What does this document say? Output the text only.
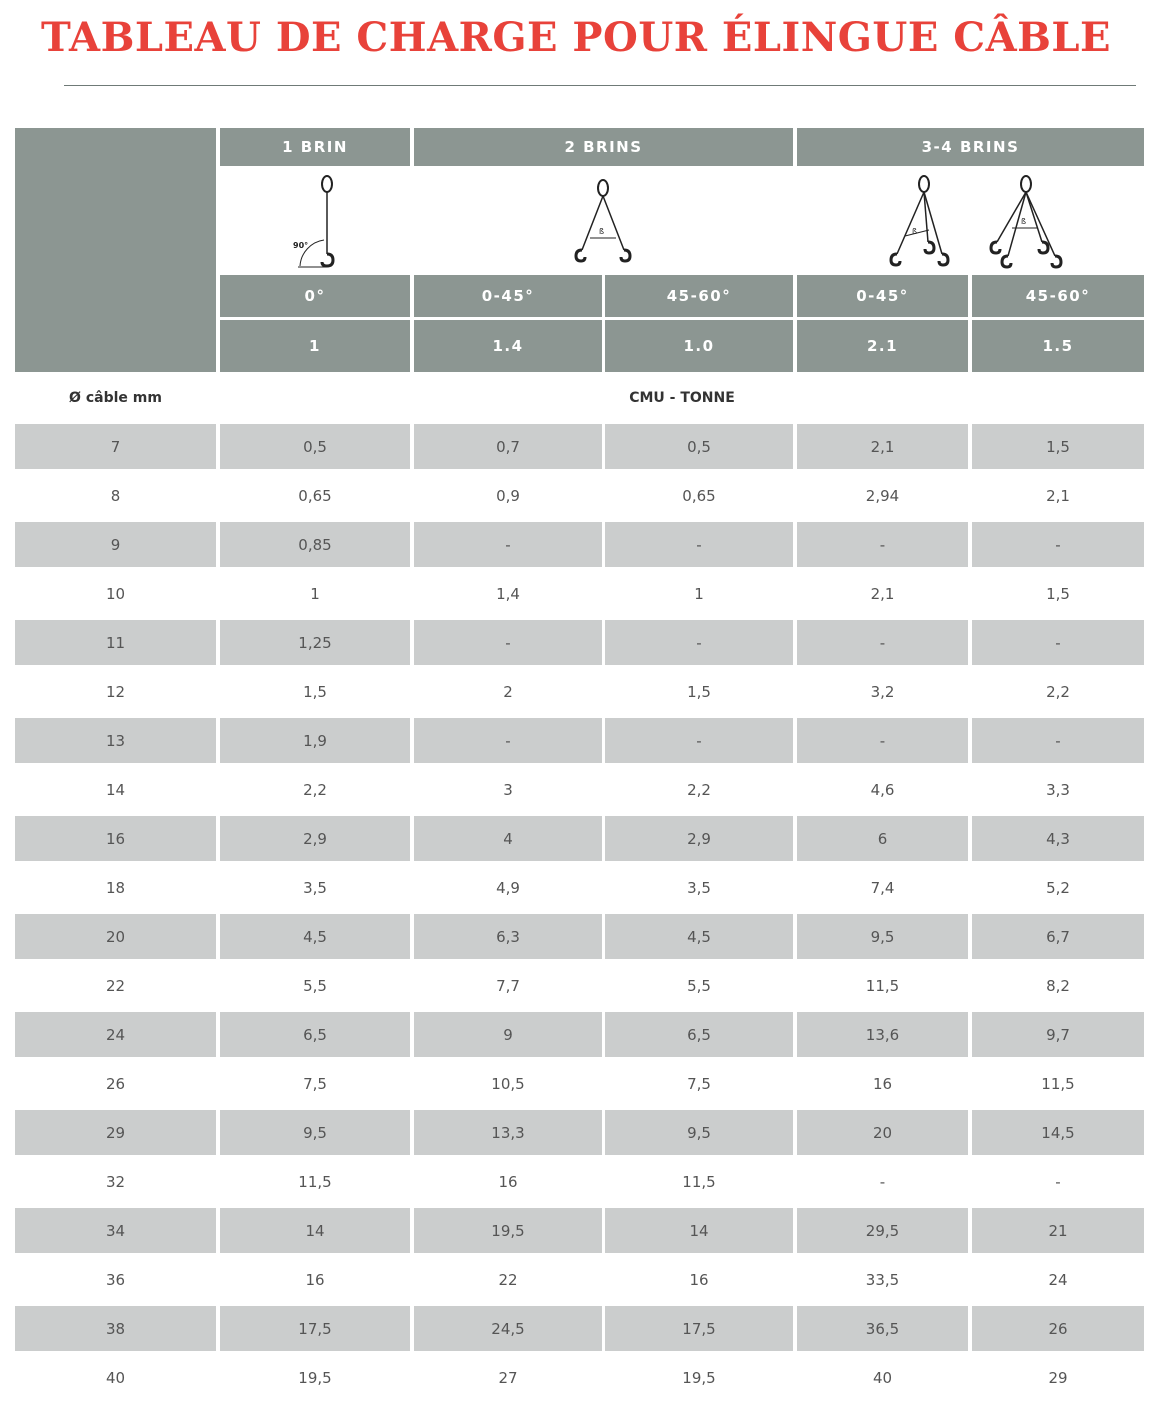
TABLEAU DE CHARGE POUR ÉLINGUE CÂBLE
1 BRIN	2 BRINS	3-4 BRINS
90°
ß	ß
ß
0°	0-45°	45-60°	0-45°	45-60°
1	1.4	1.0	2.1	1.5
Ø câble mm	CMU - TONNE
7	0,5	0,7	0,5	2,1	1,5
8	0,65	0,9	0,65	2,94	2,1
9	0,85	-	-	-	-
10	1	1,4	1	2,1	1,5
11	1,25	-	-	-	-
12	1,5	2	1,5	3,2	2,2
13	1,9	-	-	-	-
14	2,2	3	2,2	4,6	3,3
16	2,9	4	2,9	6	4,3
18	3,5	4,9	3,5	7,4	5,2
20	4,5	6,3	4,5	9,5	6,7
22	5,5	7,7	5,5	11,5	8,2
24	6,5	9	6,5	13,6	9,7
26	7,5	10,5	7,5	16	11,5
29	9,5	13,3	9,5	20	14,5
32	11,5	16	11,5	-	-
34	14	19,5	14	29,5	21
36	16	22	16	33,5	24
38	17,5	24,5	17,5	36,5	26
40	19,5	27	19,5	40	29
